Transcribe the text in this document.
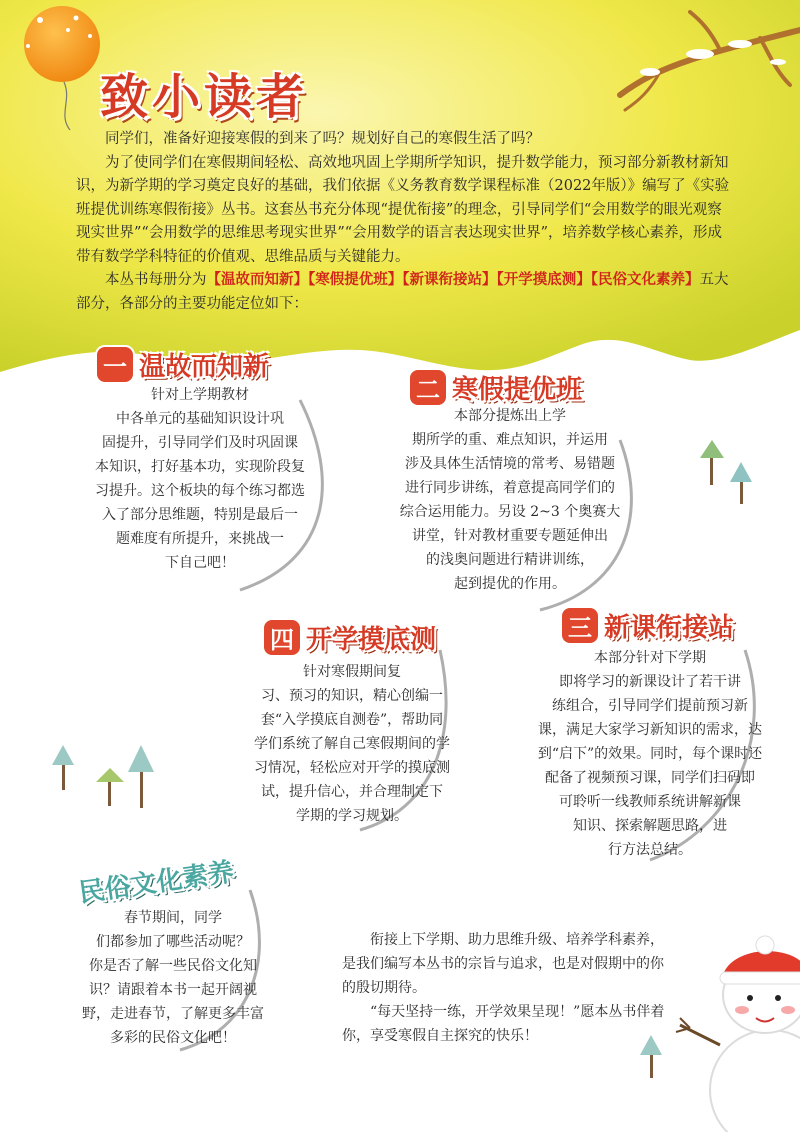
致小读者

同学们，准备好迎接寒假的到来了吗？规划好自己的寒假生活了吗？

为了使同学们在寒假期间轻松、高效地巩固上学期所学知识，提升数学能力，预习部分新教材新知识，为新学期的学习奠定良好的基础，我们依据《义务教育数学课程标准（2022年版）》编写了《实验班提优训练寒假衔接》丛书。这套丛书充分体现“提优衔接”的理念，引导同学们“会用数学的眼光观察现实世界”“会用数学的思维思考现实世界”“会用数学的语言表达现实世界”，培养数学核心素养，形成带有数学学科特征的价值观、思维品质与关键能力。

本丛书每册分为【温故而知新】【寒假提优班】【新课衔接站】【开学摸底测】【民俗文化素养】五大部分，各部分的主要功能定位如下：

一 温故而知新

针对上学期教材

中各单元的基础知识设计巩

固提升，引导同学们及时巩固课

本知识，打好基本功，实现阶段复

习提升。这个板块的每个练习都选

入了部分思维题，特别是最后一

题难度有所提升，来挑战一

下自己吧！

二 寒假提优班

本部分提炼出上学

期所学的重、难点知识，并运用

涉及具体生活情境的常考、易错题

进行同步讲练，着意提高同学们的

综合运用能力。另设 2~3 个奥赛大

讲堂，针对教材重要专题延伸出

的浅奥问题进行精讲训练，

起到提优的作用。

四 开学摸底测

针对寒假期间复

习、预习的知识，精心创编一

套“入学摸底自测卷”，帮助同

学们系统了解自己寒假期间的学

习情况，轻松应对开学的摸底测

试，提升信心，并合理制定下

学期的学习规划。

三 新课衔接站

本部分针对下学期

即将学习的新课设计了若干讲

练组合，引导同学们提前预习新

课，满足大家学习新知识的需求，达

到“启下”的效果。同时，每个课时还

配备了视频预习课，同学们扫码即

可聆听一线教师系统讲解新课

知识、探索解题思路，进

行方法总结。

民俗文化素养

春节期间，同学

们都参加了哪些活动呢？

你是否了解一些民俗文化知

识？请跟着本书一起开阔视

野，走进春节，了解更多丰富

多彩的民俗文化吧！

衔接上下学期、助力思维升级、培养学科素养，是我们编写本丛书的宗旨与追求，也是对假期中的你的殷切期待。

“每天坚持一练，开学效果呈现！”愿本丛书伴着你，享受寒假自主探究的快乐！
